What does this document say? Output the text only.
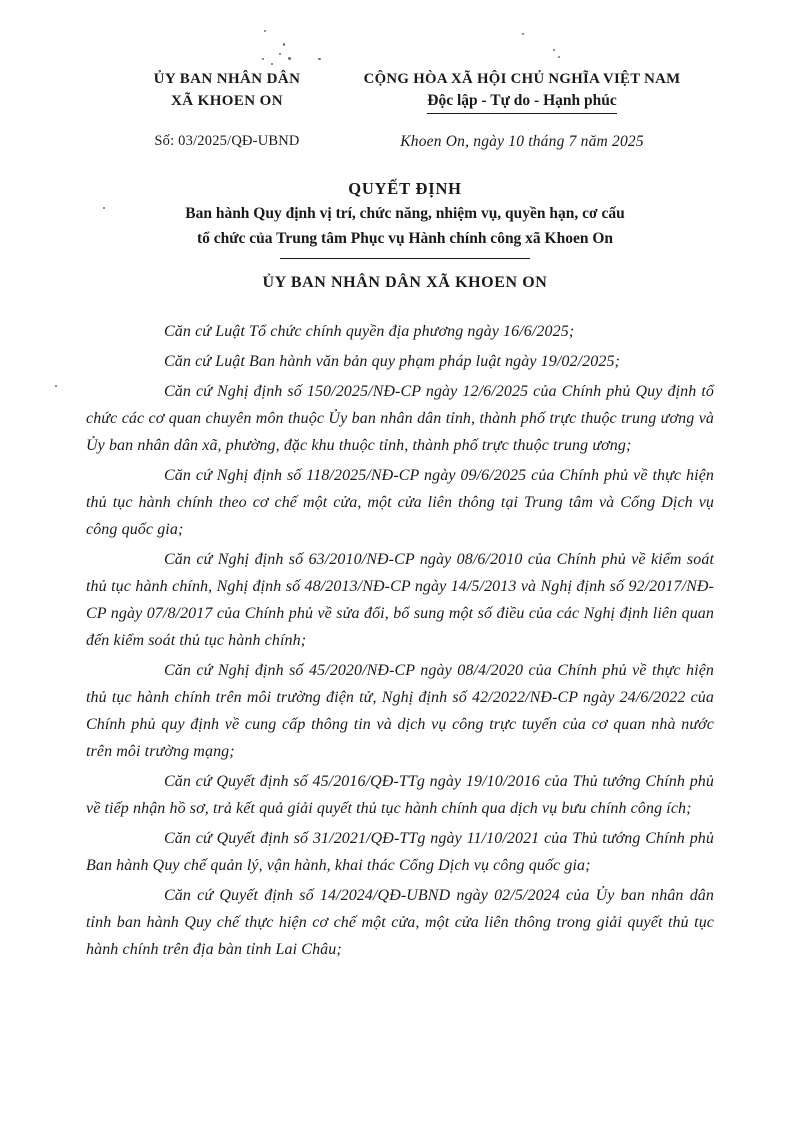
ỦY BAN NHÂN DÂN
XÃ KHOEN ON
Số: 03/2025/QĐ-UBND
CỘNG HÒA XÃ HỘI CHỦ NGHĨA VIỆT NAM
Độc lập - Tự do - Hạnh phúc
Khoen On, ngày 10 tháng 7 năm 2025
QUYẾT ĐỊNH
Ban hành Quy định vị trí, chức năng, nhiệm vụ, quyền hạn, cơ cấu
tổ chức của Trung tâm Phục vụ Hành chính công xã Khoen On
ỦY BAN NHÂN DÂN XÃ KHOEN ON

Căn cứ Luật Tổ chức chính quyền địa phương ngày 16/6/2025;

Căn cứ Luật Ban hành văn bản quy phạm pháp luật ngày 19/02/2025;

Căn cứ Nghị định số 150/2025/NĐ-CP ngày 12/6/2025 của Chính phủ Quy định tổ chức các cơ quan chuyên môn thuộc Ủy ban nhân dân tỉnh, thành phố trực thuộc trung ương và Ủy ban nhân dân xã, phường, đặc khu thuộc tỉnh, thành phố trực thuộc trung ương;

Căn cứ Nghị định số 118/2025/NĐ-CP ngày 09/6/2025 của Chính phủ về thực hiện thủ tục hành chính theo cơ chế một cửa, một cửa liên thông tại Trung tâm và Cổng Dịch vụ công quốc gia;

Căn cứ Nghị định số 63/2010/NĐ-CP ngày 08/6/2010 của Chính phủ về kiểm soát thủ tục hành chính, Nghị định số 48/2013/NĐ-CP ngày 14/5/2013 và Nghị định số 92/2017/NĐ-CP ngày 07/8/2017 của Chính phủ về sửa đổi, bổ sung một số điều của các Nghị định liên quan đến kiểm soát thủ tục hành chính;

Căn cứ Nghị định số 45/2020/NĐ-CP ngày 08/4/2020 của Chính phủ về thực hiện thủ tục hành chính trên môi trường điện tử, Nghị định số 42/2022/NĐ-CP ngày 24/6/2022 của Chính phủ quy định về cung cấp thông tin và dịch vụ công trực tuyến của cơ quan nhà nước trên môi trường mạng;

Căn cứ Quyết định số 45/2016/QĐ-TTg ngày 19/10/2016 của Thủ tướng Chính phủ về tiếp nhận hồ sơ, trả kết quả giải quyết thủ tục hành chính qua dịch vụ bưu chính công ích;

Căn cứ Quyết định số 31/2021/QĐ-TTg ngày 11/10/2021 của Thủ tướng Chính phủ Ban hành Quy chế quản lý, vận hành, khai thác Cổng Dịch vụ công quốc gia;

Căn cứ Quyết định số 14/2024/QĐ-UBND ngày 02/5/2024 của Ủy ban nhân dân tỉnh ban hành Quy chế thực hiện cơ chế một cửa, một cửa liên thông trong giải quyết thủ tục hành chính trên địa bàn tỉnh Lai Châu;
